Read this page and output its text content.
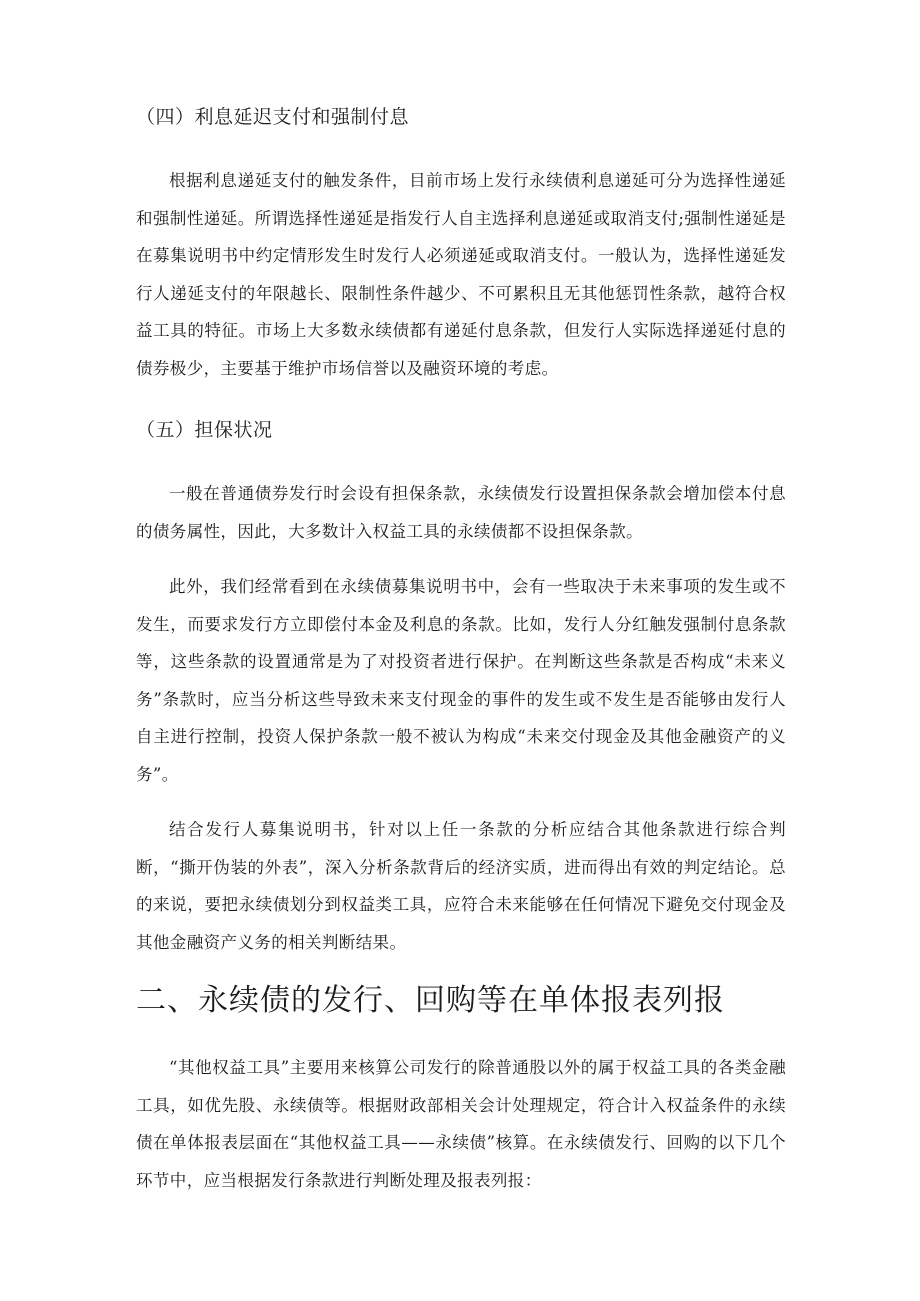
（四）利息延迟支付和强制付息

根据利息递延支付的触发条件，目前市场上发行永续债利息递延可分为选择性递延和强制性递延。所谓选择性递延是指发行人自主选择利息递延或取消支付;强制性递延是在募集说明书中约定情形发生时发行人必须递延或取消支付。一般认为，选择性递延发行人递延支付的年限越长、限制性条件越少、不可累积且无其他惩罚性条款，越符合权益工具的特征。市场上大多数永续债都有递延付息条款，但发行人实际选择递延付息的债券极少，主要基于维护市场信誉以及融资环境的考虑。

（五）担保状况

一般在普通债券发行时会设有担保条款，永续债发行设置担保条款会增加偿本付息的债务属性，因此，大多数计入权益工具的永续债都不设担保条款。

此外，我们经常看到在永续债募集说明书中，会有一些取决于未来事项的发生或不发生，而要求发行方立即偿付本金及利息的条款。比如，发行人分红触发强制付息条款等，这些条款的设置通常是为了对投资者进行保护。在判断这些条款是否构成“未来义务”条款时，应当分析这些导致未来支付现金的事件的发生或不发生是否能够由发行人自主进行控制，投资人保护条款一般不被认为构成“未来交付现金及其他金融资产的义务”。

结合发行人募集说明书，针对以上任一条款的分析应结合其他条款进行综合判断，“撕开伪装的外表”，深入分析条款背后的经济实质，进而得出有效的判定结论。总的来说，要把永续债划分到权益类工具，应符合未来能够在任何情况下避免交付现金及其他金融资产义务的相关判断结果。

二、永续债的发行、回购等在单体报表列报

“其他权益工具”主要用来核算公司发行的除普通股以外的属于权益工具的各类金融工具，如优先股、永续债等。根据财政部相关会计处理规定，符合计入权益条件的永续债在单体报表层面在“其他权益工具——永续债”核算。在永续债发行、回购的以下几个环节中，应当根据发行条款进行判断处理及报表列报：
